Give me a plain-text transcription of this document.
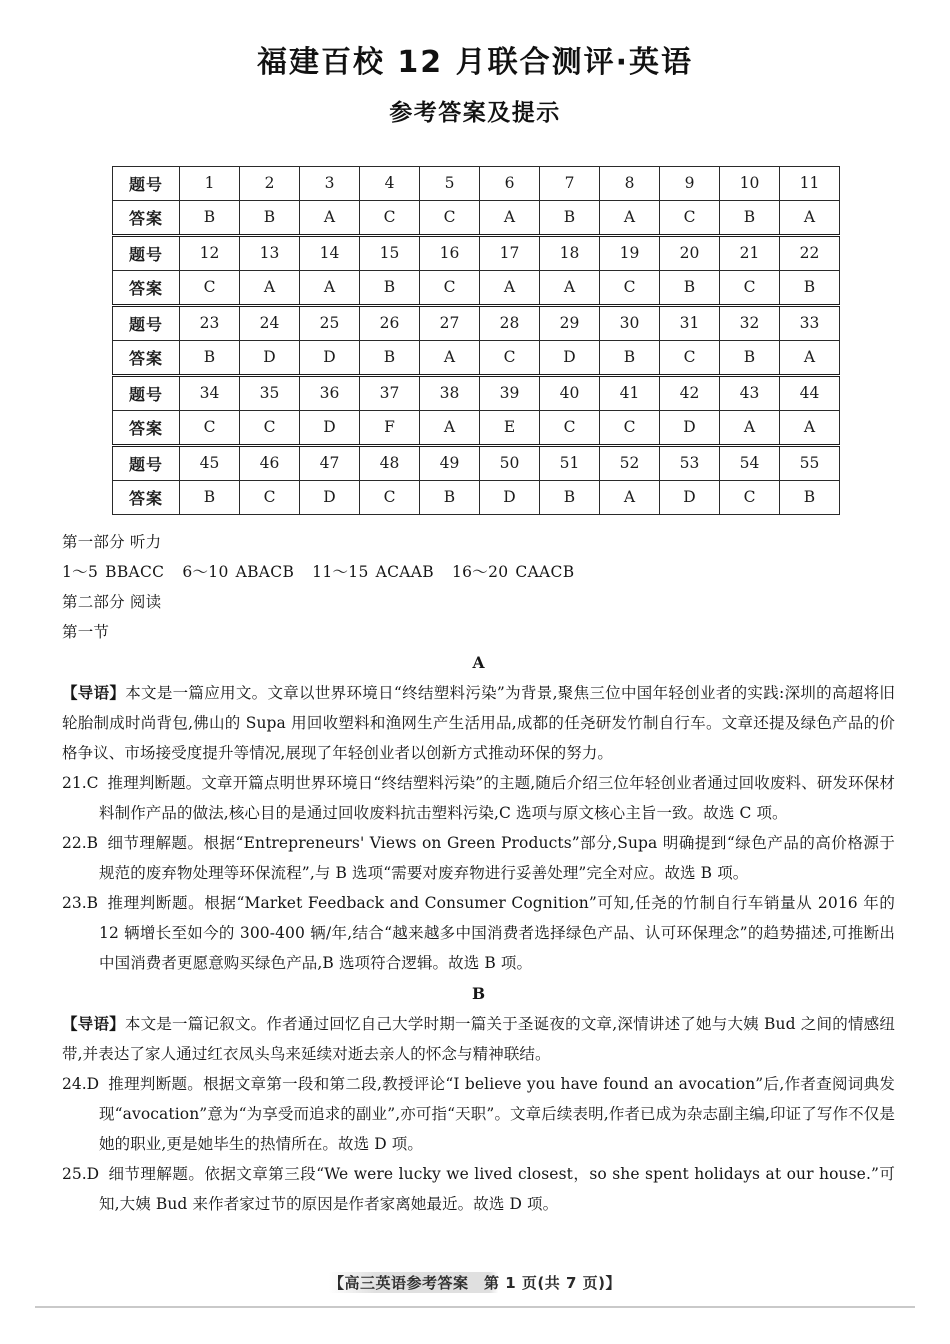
福建百校 12 月联合测评·英语
参考答案及提示
题号	1	2	3	4	5	6	7	8	9	10	11
答案	B	B	A	C	C	A	B	A	C	B	A
题号	12	13	14	15	16	17	18	19	20	21	22
答案	C	A	A	B	C	A	A	C	B	C	B
题号	23	24	25	26	27	28	29	30	31	32	33
答案	B	D	D	B	A	C	D	B	C	B	A
题号	34	35	36	37	38	39	40	41	42	43	44
答案	C	C	D	F	A	E	C	C	D	A	A
题号	45	46	47	48	49	50	51	52	53	54	55
答案	B	C	D	C	B	D	B	A	D	C	B

第一部分 听力

1～5 BBACC 6～10 ABACB 11～15 ACAAB 16～20 CAACB

第二部分 阅读

第一节

A

【导语】本文是一篇应用文。文章以世界环境日“终结塑料污染”为背景,聚焦三位中国年轻创业者的实践:深圳的高超将旧轮胎制成时尚背包,佛山的 Supa 用回收塑料和渔网生产生活用品,成都的任尧研发竹制自行车。文章还提及绿色产品的价格争议、市场接受度提升等情况,展现了年轻创业者以创新方式推动环保的努力。

21.C 推理判断题。文章开篇点明世界环境日“终结塑料污染”的主题,随后介绍三位年轻创业者通过回收废料、研发环保材料制作产品的做法,核心目的是通过回收废料抗击塑料污染,C 选项与原文核心主旨一致。故选 C 项。

22.B 细节理解题。根据“Entrepreneurs' Views on Green Products”部分,Supa 明确提到“绿色产品的高价格源于规范的废弃物处理等环保流程”,与 B 选项“需要对废弃物进行妥善处理”完全对应。故选 B 项。

23.B 推理判断题。根据“Market Feedback and Consumer Cognition”可知,任尧的竹制自行车销量从 2016 年的 12 辆增长至如今的 300-400 辆/年,结合“越来越多中国消费者选择绿色产品、认可环保理念”的趋势描述,可推断出中国消费者更愿意购买绿色产品,B 选项符合逻辑。故选 B 项。

B

【导语】本文是一篇记叙文。作者通过回忆自己大学时期一篇关于圣诞夜的文章,深情讲述了她与大姨 Bud 之间的情感纽带,并表达了家人通过红衣凤头鸟来延续对逝去亲人的怀念与精神联结。

24.D 推理判断题。根据文章第一段和第二段,教授评论“I believe you have found an avocation”后,作者查阅词典发现“avocation”意为“为享受而追求的副业”,亦可指“天职”。文章后续表明,作者已成为杂志副主编,印证了写作不仅是她的职业,更是她毕生的热情所在。故选 D 项。

25.D 细节理解题。依据文章第三段“We were lucky we lived closest，so she spent holidays at our house.”可知,大姨 Bud 来作者家过节的原因是作者家离她最近。故选 D 项。

【高三英语参考答案　第 1 页(共 7 页)】
